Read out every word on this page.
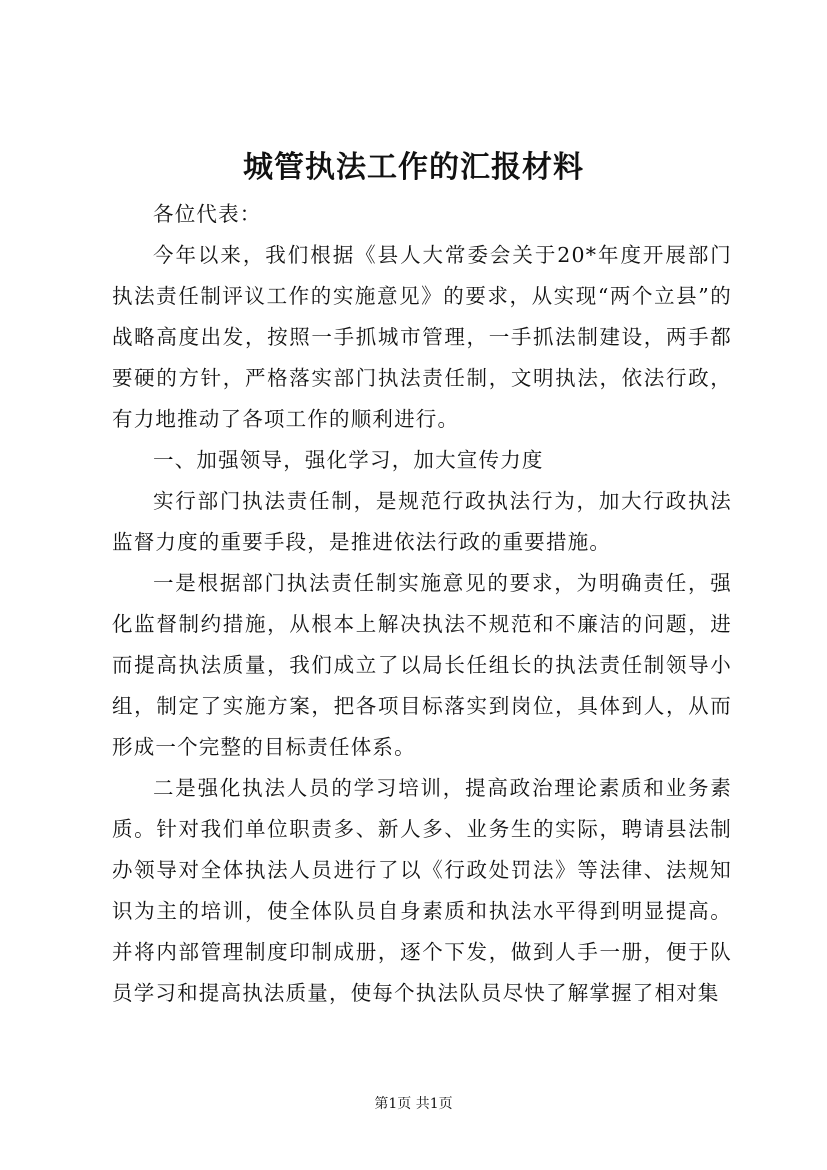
城管执法工作的汇报材料

各位代表：

今年以来，我们根据《县人大常委会关于20*年度开展部门执法责任制评议工作的实施意见》的要求，从实现“两个立县”的战略高度出发，按照一手抓城市管理，一手抓法制建设，两手都要硬的方针，严格落实部门执法责任制，文明执法，依法行政，有力地推动了各项工作的顺利进行。

一、加强领导，强化学习，加大宣传力度

实行部门执法责任制，是规范行政执法行为，加大行政执法监督力度的重要手段，是推进依法行政的重要措施。

一是根据部门执法责任制实施意见的要求，为明确责任，强化监督制约措施，从根本上解决执法不规范和不廉洁的问题，进而提高执法质量，我们成立了以局长任组长的执法责任制领导小组，制定了实施方案，把各项目标落实到岗位，具体到人，从而形成一个完整的目标责任体系。

二是强化执法人员的学习培训，提高政治理论素质和业务素质。针对我们单位职责多、新人多、业务生的实际，聘请县法制办领导对全体执法人员进行了以《行政处罚法》等法律、法规知识为主的培训，使全体队员自身素质和执法水平得到明显提高。并将内部管理制度印制成册，逐个下发，做到人手一册，便于队员学习和提高执法质量，使每个执法队员尽快了解掌握了相对集

第1页 共1页
